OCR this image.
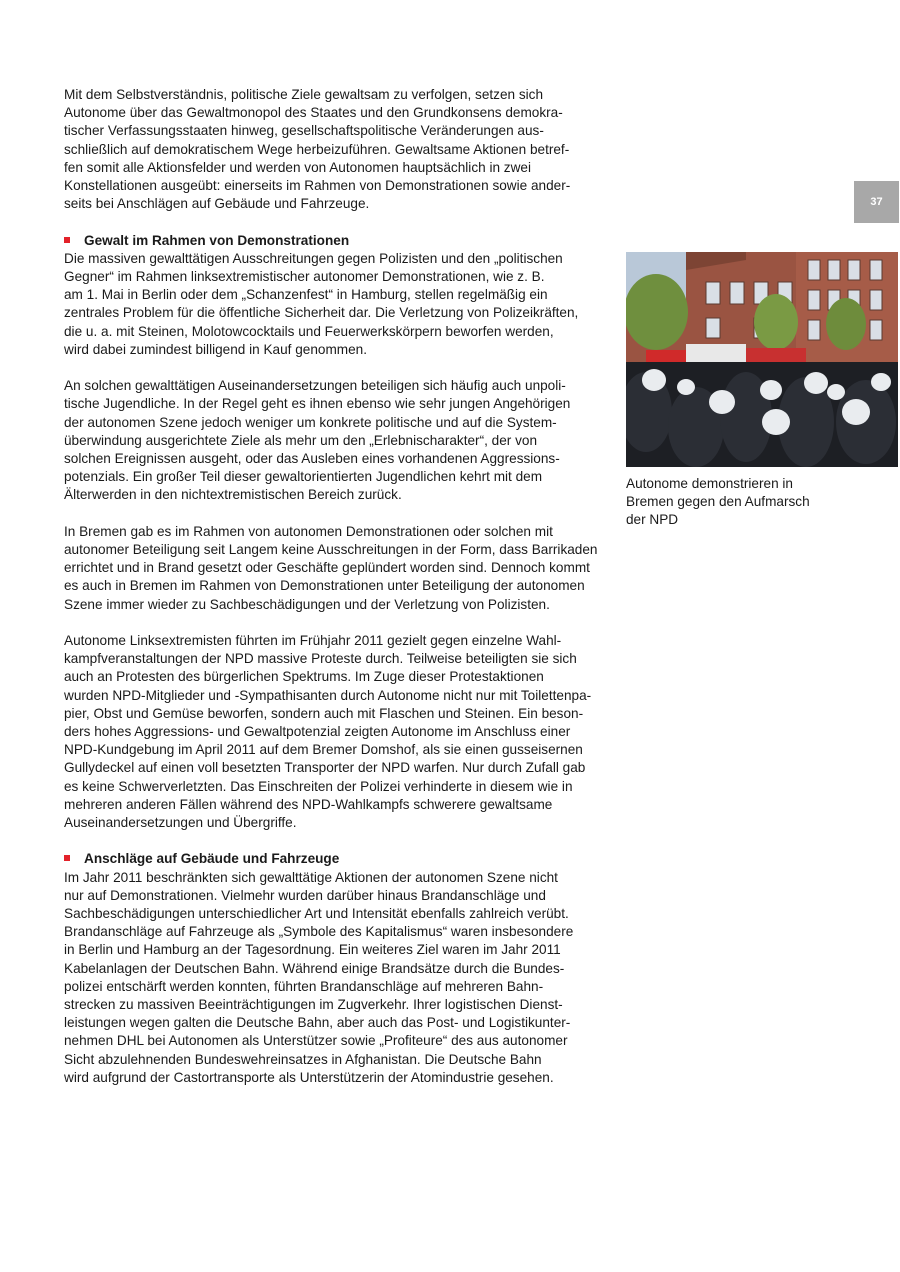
37
Autonome demonstrieren in
Bremen gegen den Aufmarsch
der NPD

Mit dem Selbstverständnis, politische Ziele gewaltsam zu verfolgen, setzen sich
Autonome über das Gewaltmonopol des Staates und den Grundkonsens demokra-
tischer Verfassungsstaaten hinweg, gesellschaftspolitische Veränderungen aus-
schließlich auf demokratischem Wege herbeizuführen. Gewaltsame Aktionen betref-
fen somit alle Aktionsfelder und werden von Autonomen hauptsächlich in zwei
Konstellationen ausgeübt: einerseits im Rahmen von Demonstrationen sowie ander-
seits bei Anschlägen auf Gebäude und Fahrzeuge.

Gewalt im Rahmen von Demonstrationen

Die massiven gewalttätigen Ausschreitungen gegen Polizisten und den „politischen
Gegner“ im Rahmen linksextremistischer autonomer Demonstrationen, wie z. B.
am 1. Mai in Berlin oder dem „Schanzenfest“ in Hamburg, stellen regelmäßig ein
zentrales Problem für die öffentliche Sicherheit dar. Die Verletzung von Polizeikräften,
die u. a. mit Steinen, Molotowcocktails und Feuerwerkskörpern beworfen werden,
wird dabei zumindest billigend in Kauf genommen.

An solchen gewalttätigen Auseinandersetzungen beteiligen sich häufig auch unpoli-
tische Jugendliche. In der Regel geht es ihnen ebenso wie sehr jungen Angehörigen
der autonomen Szene jedoch weniger um konkrete politische und auf die System-
überwindung ausgerichtete Ziele als mehr um den „Erlebnischarakter“, der von
solchen Ereignissen ausgeht, oder das Ausleben eines vorhandenen Aggressions-
potenzials. Ein großer Teil dieser gewaltorientierten Jugendlichen kehrt mit dem
Älterwerden in den nichtextremistischen Bereich zurück.

In Bremen gab es im Rahmen von autonomen Demonstrationen oder solchen mit
autonomer Beteiligung seit Langem keine Ausschreitungen in der Form, dass Barrikaden
errichtet und in Brand gesetzt oder Geschäfte geplündert worden sind. Dennoch kommt
es auch in Bremen im Rahmen von Demonstrationen unter Beteiligung der autonomen
Szene immer wieder zu Sachbeschädigungen und der Verletzung von Polizisten.

Autonome Linksextremisten führten im Frühjahr 2011 gezielt gegen einzelne Wahl-
kampfveranstaltungen der NPD massive Proteste durch. Teilweise beteiligten sie sich
auch an Protesten des bürgerlichen Spektrums. Im Zuge dieser Protestaktionen
wurden NPD-Mitglieder und -Sympathisanten durch Autonome nicht nur mit Toilettenpa-
pier, Obst und Gemüse beworfen, sondern auch mit Flaschen und Steinen. Ein beson-
ders hohes Aggressions- und Gewaltpotenzial zeigten Autonome im Anschluss einer
NPD-Kundgebung im April 2011 auf dem Bremer Domshof, als sie einen gusseisernen
Gullydeckel auf einen voll besetzten Transporter der NPD warfen. Nur durch Zufall gab
es keine Schwerverletzten. Das Einschreiten der Polizei verhinderte in diesem wie in
mehreren anderen Fällen während des NPD-Wahlkampfs schwerere gewaltsame
Auseinandersetzungen und Übergriffe.

Anschläge auf Gebäude und Fahrzeuge

Im Jahr 2011 beschränkten sich gewalttätige Aktionen der autonomen Szene nicht
nur auf Demonstrationen. Vielmehr wurden darüber hinaus Brandanschläge und
Sachbeschädigungen unterschiedlicher Art und Intensität ebenfalls zahlreich verübt.
Brandanschläge auf Fahrzeuge als „Symbole des Kapitalismus“ waren insbesondere
in Berlin und Hamburg an der Tagesordnung. Ein weiteres Ziel waren im Jahr 2011
Kabelanlagen der Deutschen Bahn. Während einige Brandsätze durch die Bundes-
polizei entschärft werden konnten, führten Brandanschläge auf mehreren Bahn-
strecken zu massiven Beeinträchtigungen im Zugverkehr. Ihrer logistischen Dienst-
leistungen wegen galten die Deutsche Bahn, aber auch das Post- und Logistikunter-
nehmen DHL bei Autonomen als Unterstützer sowie „Profiteure“ des aus autonomer
Sicht abzulehnenden Bundeswehreinsatzes in Afghanistan. Die Deutsche Bahn
wird aufgrund der Castortransporte als Unterstützerin der Atomindustrie gesehen.
